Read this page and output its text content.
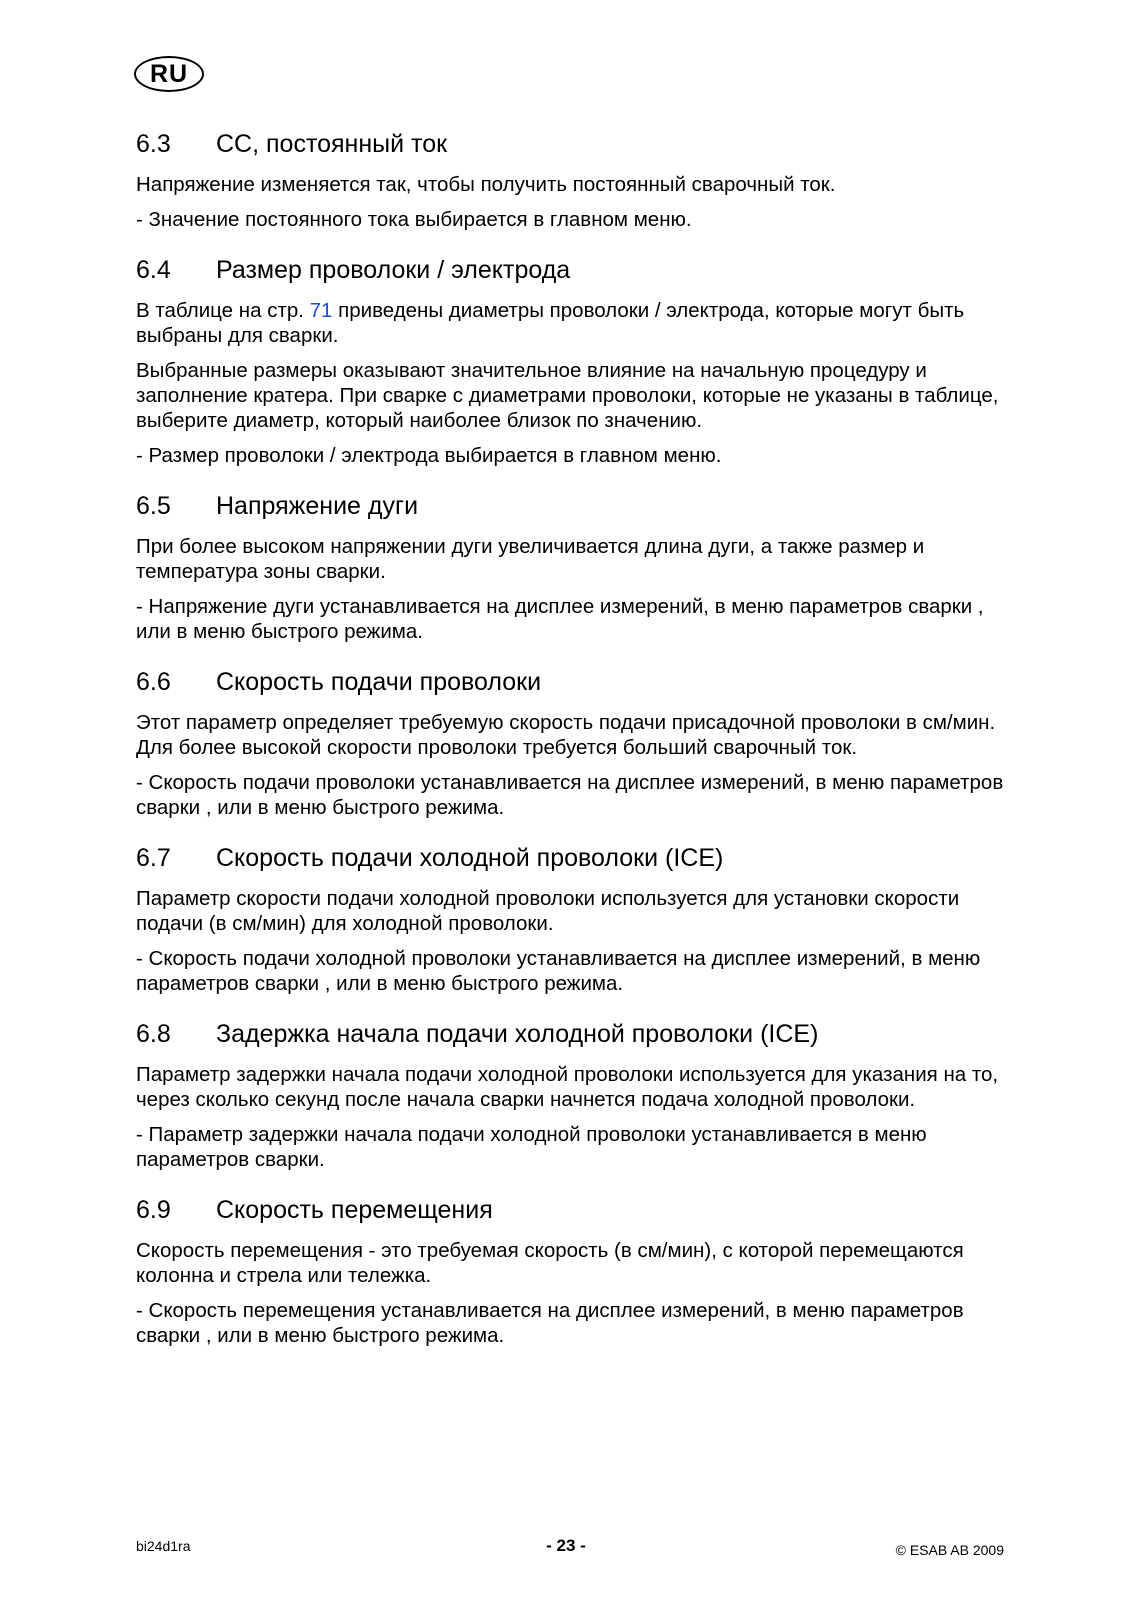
RU
6.3	CC, постоянный ток

Напряжение изменяется так, чтобы получить постоянный сварочный ток.

- Значение постоянного тока выбирается в главном меню.

6.4	Размер проволоки / электрода

В таблице на стр. 71 приведены диаметры проволоки / электрода, которые могут быть выбраны для сварки.

Выбранные размеры оказывают значительное влияние на начальную процедуру и заполнение кратера. При сварке с диаметрами проволоки, которые не указаны в таблице, выберите диаметр, который наиболее близок по значению.

- Размер проволоки / электрода выбирается в главном меню.

6.5	Напряжение дуги

При более высоком напряжении дуги увеличивается длина дуги, а также размер и температура зоны сварки.

- Напряжение дуги устанавливается на дисплее измерений, в меню параметров сварки , или в меню быстрого режима.

6.6	Скорость подачи проволоки

Этот параметр определяет требуемую скорость подачи присадочной проволоки в см/мин. Для более высокой скорости проволоки требуется больший сварочный ток.

- Скорость подачи проволоки устанавливается на дисплее измерений, в меню параметров сварки , или в меню быстрого режима.

6.7	Скорость подачи холодной проволоки (ICE)

Параметр скорости подачи холодной проволоки используется для установки скорости подачи (в см/мин) для холодной проволоки.

- Скорость подачи холодной проволоки устанавливается на дисплее измерений, в меню параметров сварки , или в меню быстрого режима.

6.8	Задержка начала подачи холодной проволоки (ICE)

Параметр задержки начала подачи холодной проволоки используется для указания на то, через сколько секунд после начала сварки начнется подача холодной проволоки.

- Параметр задержки начала подачи холодной проволоки устанавливается в меню параметров сварки.

6.9	Скорость перемещения

Скорость перемещения - это требуемая скорость (в см/мин), с которой перемещаются колонна и стрела или тележка.

- Скорость перемещения устанавливается на дисплее измерений, в меню параметров сварки , или в меню быстрого режима.

bi24d1ra	- 23 -	© ESAB AB 2009
